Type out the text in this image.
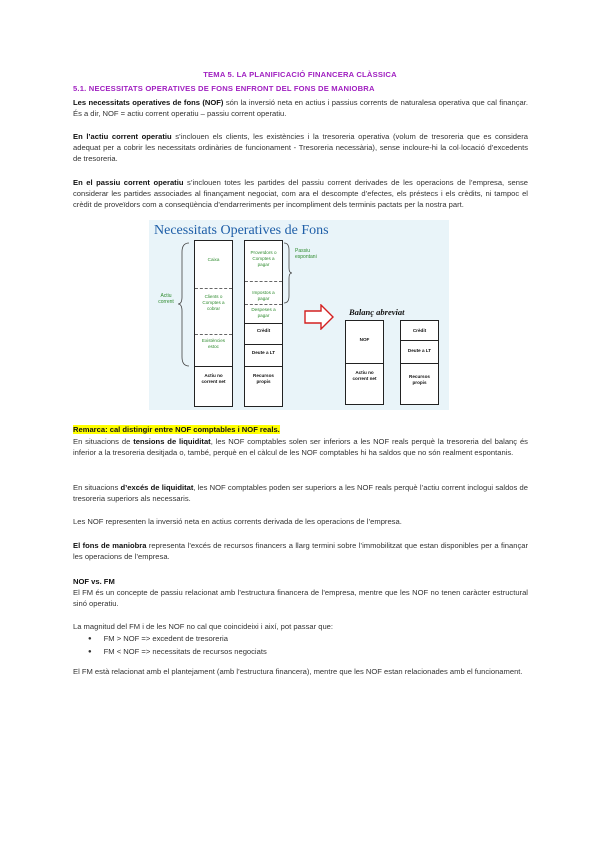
TEMA 5. LA PLANIFICACIÓ FINANCERA CLÀSSICA
5.1. NECESSITATS OPERATIVES DE FONS ENFRONT DEL FONS DE MANIOBRA
Les necessitats operatives de fons (NOF) són la inversió neta en actius i passius corrents de naturalesa operativa que cal finançar. És a dir, NOF = actiu corrent operatiu – passiu corrent operatiu.
En l’actiu corrent operatiu s’inclouen els clients, les existències i la tresoreria operativa (volum de tresoreria que es considera adequat per a cobrir les necessitats ordinàries de funcionament - Tresoreria necessària), sense incloure-hi la col·locació d’excedents de tresoreria.
En el passiu corrent operatiu s’inclouen totes les partides del passiu corrent derivades de les operacions de l’empresa, sense considerar les partides associades al finançament negociat, com ara el descompte d’efectes, els préstecs i els crèdits, ni tampoc el crèdit de proveïdors com a conseqüència d’endarreriments per incompliment dels terminis pactats per la nostra part.
Necessitats Operatives de Fons
Actiu corrent
Caixa
Clients o Comptes a cobrar
Existències estoc
Actiu no corrent net
Proveïdors o Comptes a pagar
Impostos a pagar
Despeses a pagar
Crèdit
Deute a LT
Recursos propis
Passiu espontani
Balanç abreviat
NOF
Actiu no corrent net
Crèdit
Deute a LT
Recursos propis
Remarca: cal distingir entre NOF comptables i NOF reals.
En situacions de tensions de liquiditat, les NOF comptables solen ser inferiors a les NOF reals perquè la tresoreria del balanç és inferior a la tresoreria desitjada o, també, perquè en el càlcul de les NOF comptables hi ha saldos que no són realment espontanis.
En situacions d’excés de liquiditat, les NOF comptables poden ser superiors a les NOF reals perquè l’actiu corrent inclogui saldos de tresoreria superiors als necessaris.
Les NOF representen la inversió neta en actius corrents derivada de les operacions de l’empresa.
El fons de maniobra representa l’excés de recursos financers a llarg termini sobre l’immobilitzat que estan disponibles per a finançar les operacions de l’empresa.
NOF vs. FM
El FM és un concepte de passiu relacionat amb l’estructura financera de l’empresa, mentre que les NOF no tenen caràcter estructural sinó operatiu.
La magnitud del FM i de les NOF no cal que coincideixi i així, pot passar que:
● FM > NOF => excedent de tresoreria
● FM < NOF => necessitats de recursos negociats
El FM està relacionat amb el plantejament (amb l’estructura financera), mentre que les NOF estan relacionades amb el funcionament.
